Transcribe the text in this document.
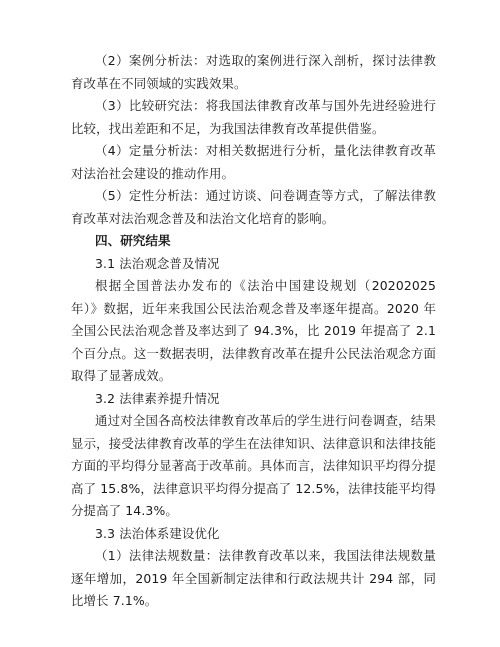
（2）案例分析法：对选取的案例进行深入剖析，探讨法律教育改革在不同领域的实践效果。

（3）比较研究法：将我国法律教育改革与国外先进经验进行比较，找出差距和不足，为我国法律教育改革提供借鉴。

（4）定量分析法：对相关数据进行分析，量化法律教育改革对法治社会建设的推动作用。

（5）定性分析法：通过访谈、问卷调查等方式，了解法律教育改革对法治观念普及和法治文化培育的影响。

四、研究结果

3.1 法治观念普及情况

根据全国普法办发布的《法治中国建设规划（20202025 年）》数据，近年来我国公民法治观念普及率逐年提高。2020 年全国公民法治观念普及率达到了 94.3%，比 2019 年提高了 2.1 个百分点。这一数据表明，法律教育改革在提升公民法治观念方面取得了显著成效。

3.2 法律素养提升情况

通过对全国各高校法律教育改革后的学生进行问卷调查，结果显示，接受法律教育改革的学生在法律知识、法律意识和法律技能方面的平均得分显著高于改革前。具体而言，法律知识平均得分提高了 15.8%，法律意识平均得分提高了 12.5%，法律技能平均得分提高了 14.3%。

3.3 法治体系建设优化

（1）法律法规数量：法律教育改革以来，我国法律法规数量逐年增加，2019 年全国新制定法律和行政法规共计 294 部，同比增长 7.1%。
